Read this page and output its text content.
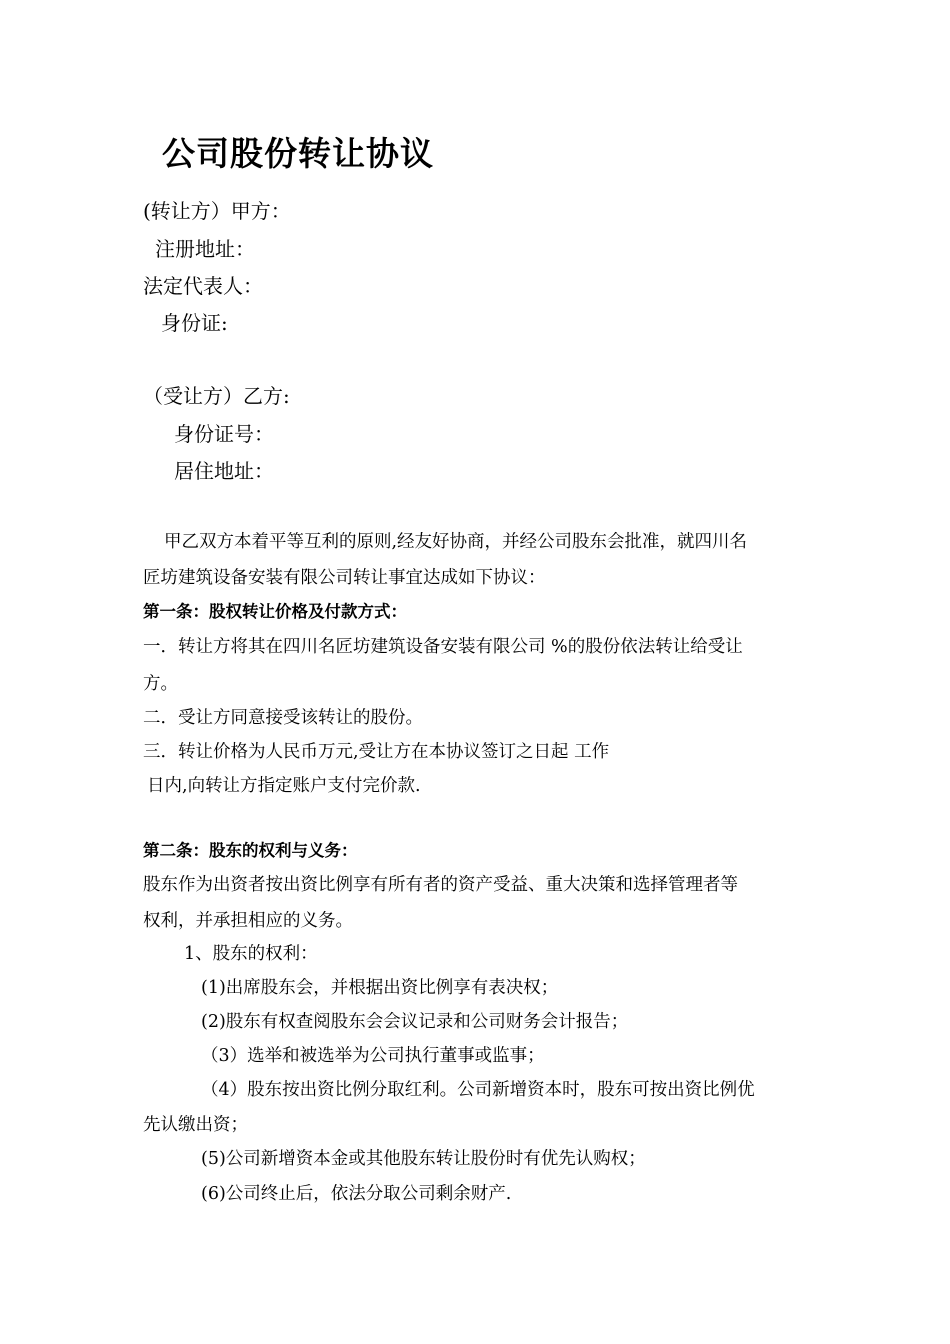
公司股份转让协议
(转让方）甲方：
注册地址：
法定代表人：
身份证:
（受让方）乙方:
身份证号：
居住地址：
甲乙双方本着平等互利的原则,经友好协商，并经公司股东会批准，就四川名
匠坊建筑设备安装有限公司转让事宜达成如下协议：
第一条：股权转让价格及付款方式：
一．转让方将其在四川名匠坊建筑设备安装有限公司 %的股份依法转让给受让
方。
二．受让方同意接受该转让的股份。
三．转让价格为人民币万元,受让方在本协议签订之日起 工作
日内,向转让方指定账户支付完价款.
第二条：股东的权利与义务：
股东作为出资者按出资比例享有所有者的资产受益、重大决策和选择管理者等
权利，并承担相应的义务。
1、股东的权利：
(1)出席股东会，并根据出资比例享有表决权；
(2)股东有权查阅股东会会议记录和公司财务会计报告；
（3）选举和被选举为公司执行董事或监事；
（4）股东按出资比例分取红利。公司新增资本时，股东可按出资比例优
先认缴出资；
(5)公司新增资本金或其他股东转让股份时有优先认购权；
(6)公司终止后，依法分取公司剩余财产.
